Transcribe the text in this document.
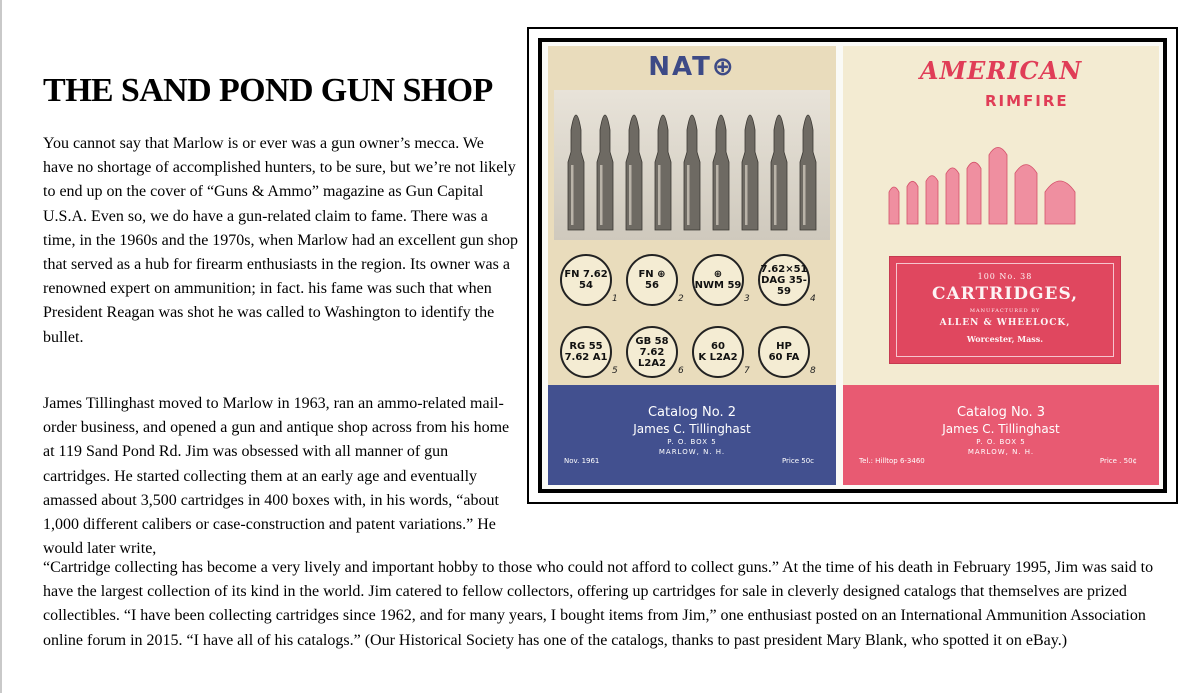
THE SAND POND GUN SHOP

You cannot say that Marlow is or ever was a gun owner’s mecca. We have no shortage of accomplished hunters, to be sure, but we’re not likely to end up on the cover of “Guns & Ammo” magazine as Gun Capital U.S.A. Even so, we do have a gun-related claim to fame. There was a time, in the 1960s and the 1970s, when Marlow had an excellent gun shop that served as a hub for firearm enthusiasts in the region. Its owner was a renowned expert on ammunition; in fact. his fame was such that when President Reagan was shot he was called to Washington to identify the bullet.

James Tillinghast moved to Marlow in 1963, ran an ammo-related mail-order business, and opened a gun and antique shop across from his home at 119 Sand Pond Rd. Jim was obsessed with all manner of gun cartridges. He started collecting them at an early age and eventually amassed about 3,500 cartridges in 400 boxes with, in his words, “about 1,000 different calibers or case-construction and patent variations.” He would later write,

“Cartridge collecting has become a very lively and important hobby to those who could not afford to collect guns.” At the time of his death in February 1995, Jim was said to have the largest collection of its kind in the world. Jim catered to fellow collectors, offering up cartridges for sale in cleverly designed catalogs that themselves are prized collectibles. “I have been collecting cartridges since 1962, and for many years, I bought items from Jim,” one enthusiast posted on an International Ammunition Association online forum in 2015. “I have all of his catalogs.” (Our Historical Society has one of the catalogs, thanks to past president Mary Blank, who spotted it on eBay.)

NAT⊕
FN 7.62
54
1
FN ⊕
56
2
⊕
NWM 59
3
7.62×51
DAG 35-59
4
RG 55
7.62 A1
5
GB 58
7.62 L2A2
6
60
K L2A2
7
HP
60 FA
8
Catalog No. 2
James C. Tillinghast
P. O. BOX 5
MARLOW, N. H.
Nov. 1961	Price 50c
AMERICAN
RIMFIRE
100 No. 38
CARTRIDGES,
MANUFACTURED BY
ALLEN & WHEELOCK,
Worcester, Mass.
Catalog No. 3
James C. Tillinghast
P. O. BOX 5
MARLOW, N. H.
Tel.: Hilltop 6-3460	Price . 50¢
